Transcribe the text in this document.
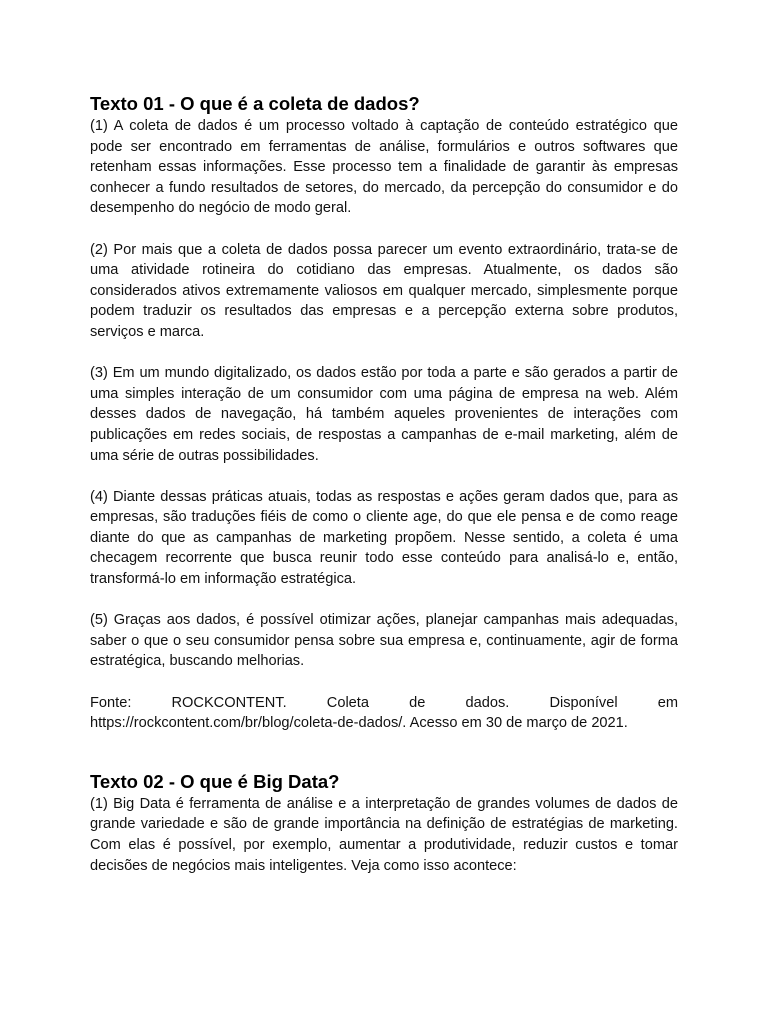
Texto 01 - O que é a coleta de dados?

(1) A coleta de dados é um processo voltado à captação de conteúdo estratégico que pode ser encontrado em ferramentas de análise, formulários e outros softwares que retenham essas informações. Esse processo tem a finalidade de garantir às empresas conhecer a fundo resultados de setores, do mercado, da percepção do consumidor e do desempenho do negócio de modo geral.

(2) Por mais que a coleta de dados possa parecer um evento extraordinário, trata-se de uma atividade rotineira do cotidiano das empresas. Atualmente, os dados são considerados ativos extremamente valiosos em qualquer mercado, simplesmente porque podem traduzir os resultados das empresas e a percepção externa sobre produtos, serviços e marca.

(3) Em um mundo digitalizado, os dados estão por toda a parte e são gerados a partir de uma simples interação de um consumidor com uma página de empresa na web. Além desses dados de navegação, há também aqueles provenientes de interações com publicações em redes sociais, de respostas a campanhas de e-mail marketing, além de uma série de outras possibilidades.

(4) Diante dessas práticas atuais, todas as respostas e ações geram dados que, para as empresas, são traduções fiéis de como o cliente age, do que ele pensa e de como reage diante do que as campanhas de marketing propõem. Nesse sentido, a coleta é uma checagem recorrente que busca reunir todo esse conteúdo para analisá-lo e, então, transformá-lo em informação estratégica.

(5) Graças aos dados, é possível otimizar ações, planejar campanhas mais adequadas, saber o que o seu consumidor pensa sobre sua empresa e, continuamente, agir de forma estratégica, buscando melhorias.

Fonte: ROCKCONTENT. Coleta de dados. Disponível em https://rockcontent.com/br/blog/coleta-de-dados/. Acesso em 30 de março de 2021.

Texto 02 - O que é Big Data?

(1) Big Data é ferramenta de análise e a interpretação de grandes volumes de dados de grande variedade e são de grande importância na definição de estratégias de marketing. Com elas é possível, por exemplo, aumentar a produtividade, reduzir custos e tomar decisões de negócios mais inteligentes. Veja como isso acontece:
